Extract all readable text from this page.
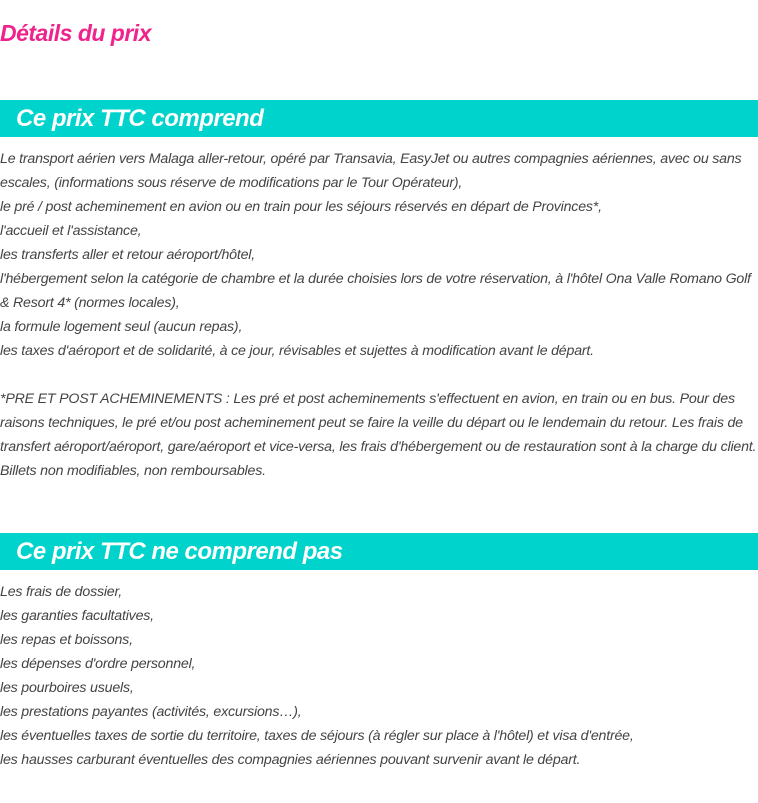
Détails du prix
Ce prix TTC comprend
Le transport aérien vers Malaga aller-retour, opéré par Transavia, EasyJet ou autres compagnies aériennes, avec ou sans escales, (informations sous réserve de modifications par le Tour Opérateur),
le pré / post acheminement en avion ou en train pour les séjours réservés en départ de Provinces*,
l'accueil et l'assistance,
les transferts aller et retour aéroport/hôtel,
l'hébergement selon la catégorie de chambre et la durée choisies lors de votre réservation, à l'hôtel Ona Valle Romano Golf & Resort 4* (normes locales),
la formule logement seul (aucun repas),
les taxes d'aéroport et de solidarité, à ce jour, révisables et sujettes à modification avant le départ.
*PRE ET POST ACHEMINEMENTS : Les pré et post acheminements s'effectuent en avion, en train ou en bus. Pour des raisons techniques, le pré et/ou post acheminement peut se faire la veille du départ ou le lendemain du retour. Les frais de transfert aéroport/aéroport, gare/aéroport et vice-versa, les frais d'hébergement ou de restauration sont à la charge du client. Billets non modifiables, non remboursables.
Ce prix TTC ne comprend pas
Les frais de dossier,
les garanties facultatives,
les repas et boissons,
les dépenses d'ordre personnel,
les pourboires usuels,
les prestations payantes (activités, excursions…),
les éventuelles taxes de sortie du territoire, taxes de séjours (à régler sur place à l'hôtel) et visa d'entrée,
les hausses carburant éventuelles des compagnies aériennes pouvant survenir avant le départ.
